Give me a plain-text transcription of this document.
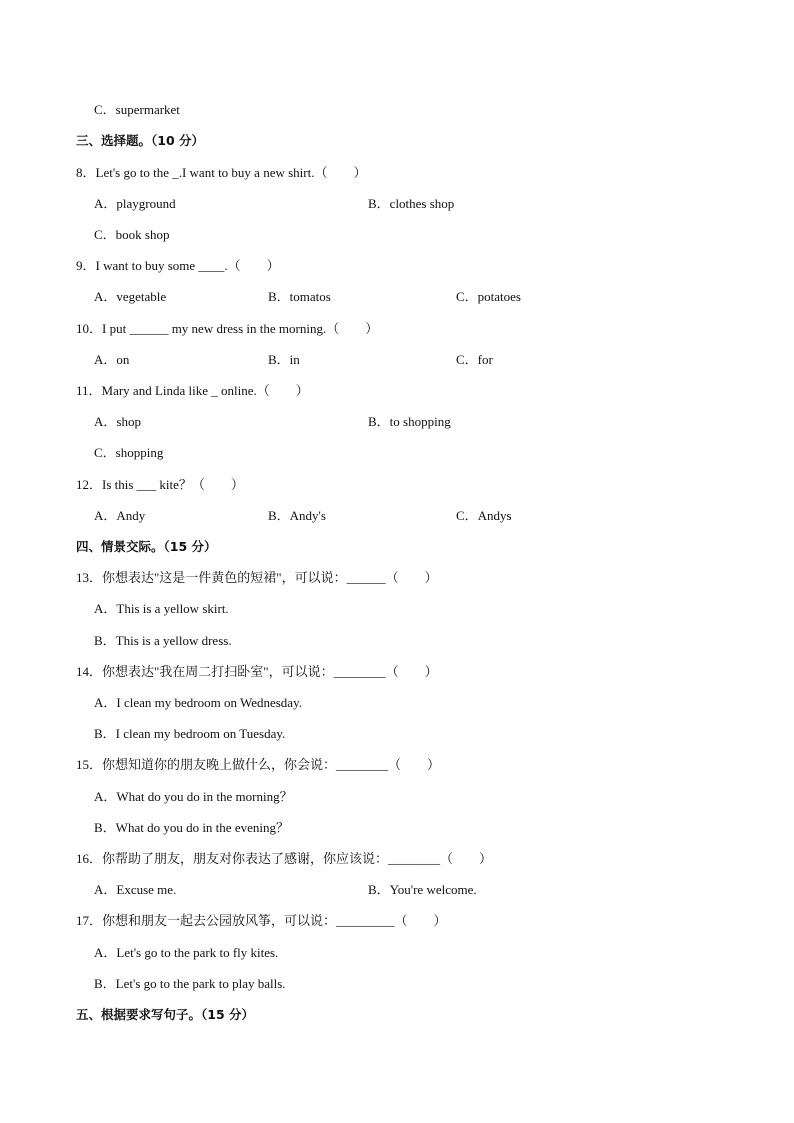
C．supermarket
三、选择题。（10 分）
8．Let's go to the _.I want to buy a new shirt.（　　）
A．playground	B．clothes shop
C．book shop
9．I want to buy some ____.（　　）
A．vegetable	B．tomatos	C．potatoes
10．I put ______ my new dress in the morning.（　　）
A．on	B．in	C．for
11．Mary and Linda like _ online.（　　）
A．shop	B．to shopping
C．shopping
12．Is this ___ kite？（　　）
A．Andy	B．Andy's	C．Andys
四、情景交际。（15 分）
13．你想表达"这是一件黄色的短裙"，可以说：______（　　）
A．This is a yellow skirt.
B．This is a yellow dress.
14．你想表达"我在周二打扫卧室"，可以说：________（　　）
A．I clean my bedroom on Wednesday.
B．I clean my bedroom on Tuesday.
15．你想知道你的朋友晚上做什么，你会说：________（　　）
A．What do you do in the morning？
B．What do you do in the evening？
16．你帮助了朋友，朋友对你表达了感谢，你应该说：________（　　）
A．Excuse me.	B．You're welcome.
17．你想和朋友一起去公园放风筝，可以说：_________（　　）
A．Let's go to the park to fly kites.
B．Let's go to the park to play balls.
五、根据要求写句子。（15 分）
